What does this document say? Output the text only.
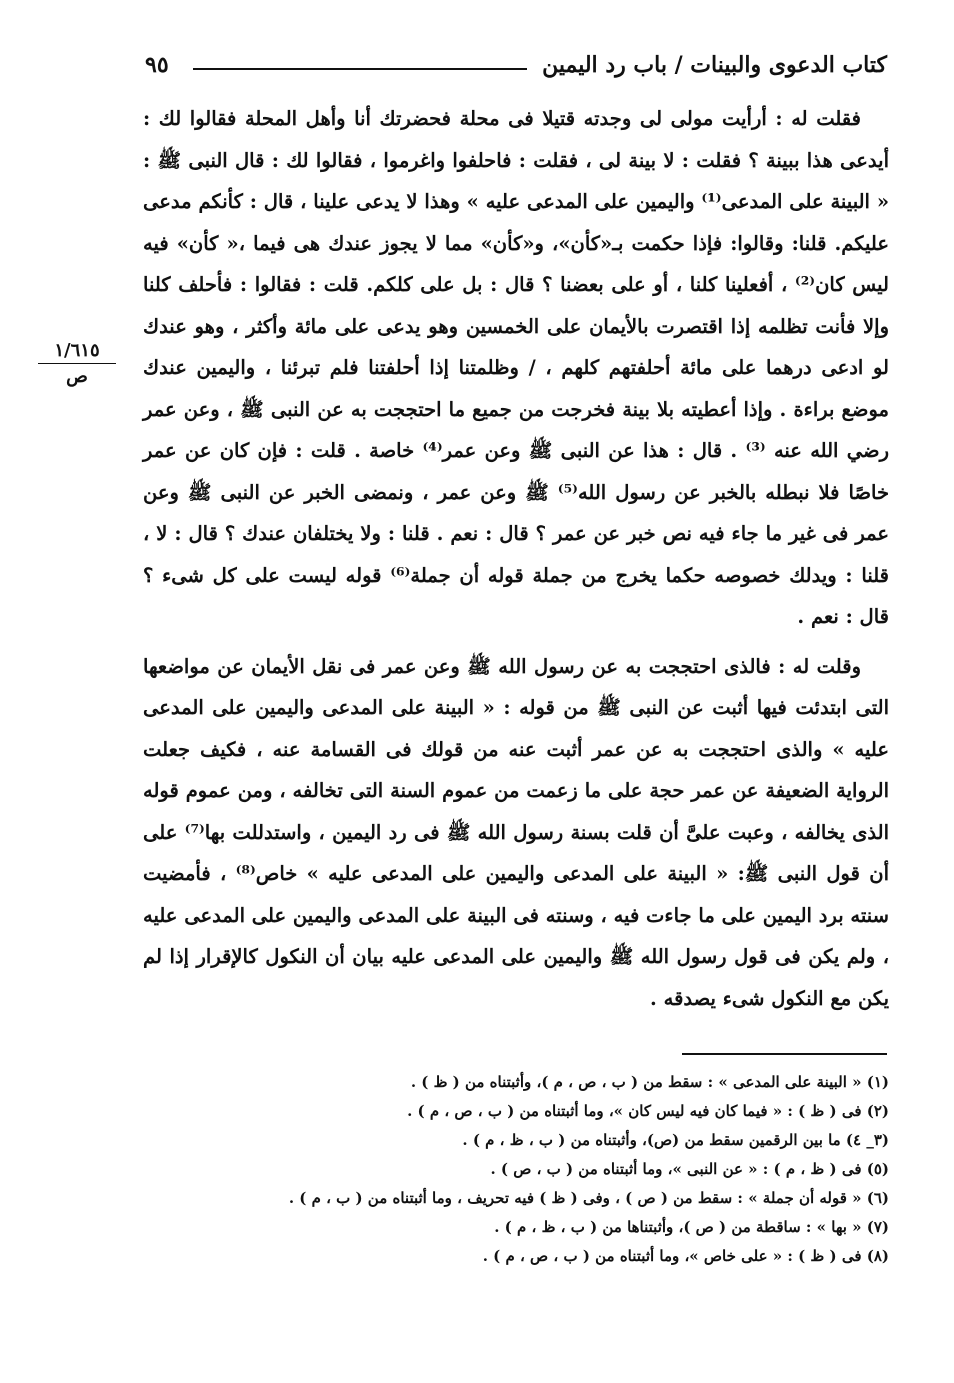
كتاب الدعوى والبينات / باب رد اليمين
٩٥
١/٦١٥
ص

فقلت له : أرأيت مولى لى وجدته قتيلا فى محلة فحضرتك أنا وأهل المحلة فقالوا لك : أيدعى هذا ببينة ؟ فقلت : لا بينة لى ، فقلت : فاحلفوا واغرموا ، فقالوا لك : قال النبى ﷺ : « البينة على المدعى⁽¹⁾ واليمين على المدعى عليه » وهذا لا يدعى علينا ، قال : كأنكم مدعى عليكم. قلنا: وقالوا: فإذا حكمت بـ«كأن»، و«كأن» مما لا يجوز عندك هى فيما ،« كأن» فيه ليس كان⁽²⁾ ، أفعلينا كلنا ، أو على بعضنا ؟ قال : بل على كلكم. قلت : فقالوا : فأحلف كلنا وإلا فأنت تظلمه إذا اقتصرت بالأيمان على الخمسين وهو يدعى على مائة وأكثر ، وهو عندك لو ادعى درهما على مائة أحلفتهم كلهم ، / وظلمتنا إذا أحلفتنا فلم تبرئنا ، واليمين عندك موضع براءة . وإذا أعطيته بلا بينة فخرجت من جميع ما احتججت به عن النبى ﷺ ، وعن عمر رضي الله عنه ⁽³⁾ . قال : هذا عن النبى ﷺ وعن عمر⁽⁴⁾ خاصة . قلت : فإن كان عن عمر خاصًا فلا نبطله بالخبر عن رسول الله⁽⁵⁾ ﷺ وعن عمر ، ونمضى الخبر عن النبى ﷺ وعن عمر فى غير ما جاء فيه نص خبر عن عمر ؟ قال : نعم . قلنا : ولا يختلفان عندك ؟ قال : لا ، قلنا : ويدلك خصوصه حكما يخرج من جملة قوله أن جملة⁽⁶⁾ قوله ليست على كل شىء ؟ قال : نعم .

وقلت له : فالذى احتججت به عن رسول الله ﷺ وعن عمر فى نقل الأيمان عن مواضعها التى ابتدئت فيها أثبت عن النبى ﷺ من قوله : « البينة على المدعى واليمين على المدعى عليه » والذى احتججت به عن عمر أثبت عنه من قولك فى القسامة عنه ، فكيف جعلت الرواية الضعيفة عن عمر حجة على ما زعمت من عموم السنة التى تخالفه ، ومن عموم قوله الذى يخالفه ، وعبت علىَّ أن قلت بسنة رسول الله ﷺ فى رد اليمين ، واستدللت بها⁽⁷⁾ على أن قول النبى ﷺ: « البينة على المدعى واليمين على المدعى عليه » خاص⁽⁸⁾ ، فأمضيت سنته برد اليمين على ما جاءت فيه ، وسنته فى البينة على المدعى واليمين على المدعى عليه ، ولم يكن فى قول رسول الله ﷺ واليمين على المدعى عليه بيان أن النكول كالإقرار إذا لم يكن مع النكول شىء يصدقه .

(١) « البينة على المدعى » : سقط من ( ب ، ص ، م )، وأثبتناه من ( ظ ) .
(٢) فى ( ظ ) : « فيما كان فيه ليس كان »، وما أثبتناه من ( ب ، ص ، م ) .
(٣_ ٤) ما بين الرقمين سقط من (ص)، وأثبتناه من ( ب ، ظ ، م ) .
(٥) فى ( ظ ، م ) : « عن النبى »، وما أثبتناه من ( ب ، ص ) .
(٦) « قوله أن جملة » : سقط من ( ص ) ، وفى ( ظ ) فيه تحريف ، وما أثبتناه من ( ب ، م ) .
(٧) « بها » : ساقطة من ( ص )، وأثبتناها من ( ب ، ظ ، م ) .
(٨) فى ( ظ ) : « على خاص »، وما أثبتناه من ( ب ، ص ، م ) .
